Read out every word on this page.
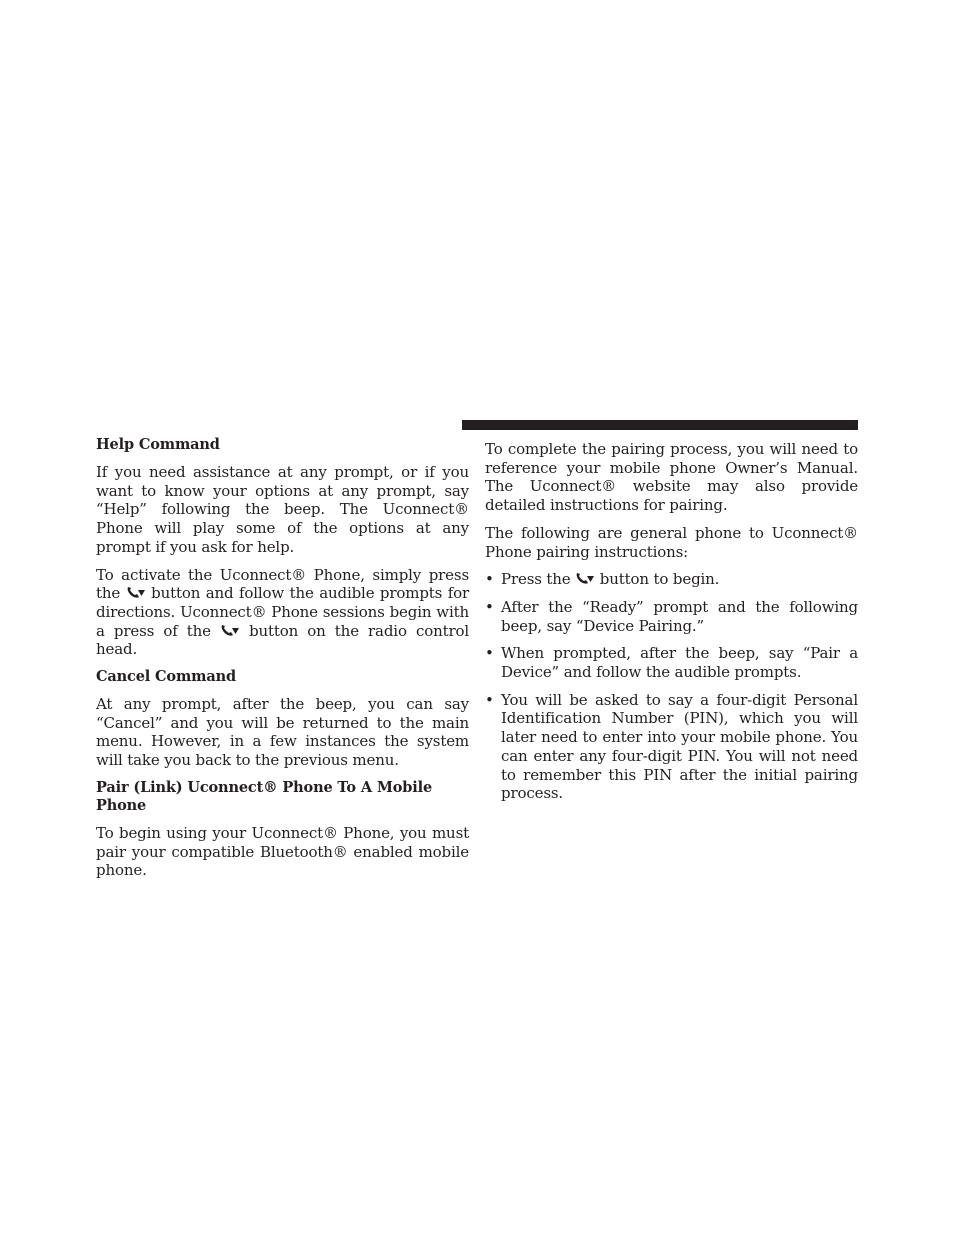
Help Command

If you need assistance at any prompt, or if you want to know your options at any prompt, say “Help” following the beep. The Uconnect® Phone will play some of the options at any prompt if you ask for help.

To activate the Uconnect® Phone, simply press the button and follow the audible prompts for directions. Uconnect® Phone sessions begin with a press of the	button on the radio control head.

Cancel Command

At any prompt, after the beep, you can say “Cancel” and you will be returned to the main menu. However, in a few instances the system will take you back to the previous menu.

Pair (Link) Uconnect® Phone To A Mobile Phone

To begin using your Uconnect® Phone, you must pair your compatible Bluetooth® enabled mobile phone.

To complete the pairing process, you will need to reference your mobile phone Owner’s Manual. The Uconnect® website may also provide detailed instructions for pairing.

The following are general phone to Uconnect® Phone pairing instructions:

• Press the button to begin.
• After the “Ready” prompt and the following beep, say “Device Pairing.”
• When prompted, after the beep, say “Pair a Device” and follow the audible prompts.
• You will be asked to say a four-digit Personal Identification Number (PIN), which you will later need to enter into your mobile phone. You can enter any four-digit PIN. You will not need to remember this PIN after the initial pairing process.
